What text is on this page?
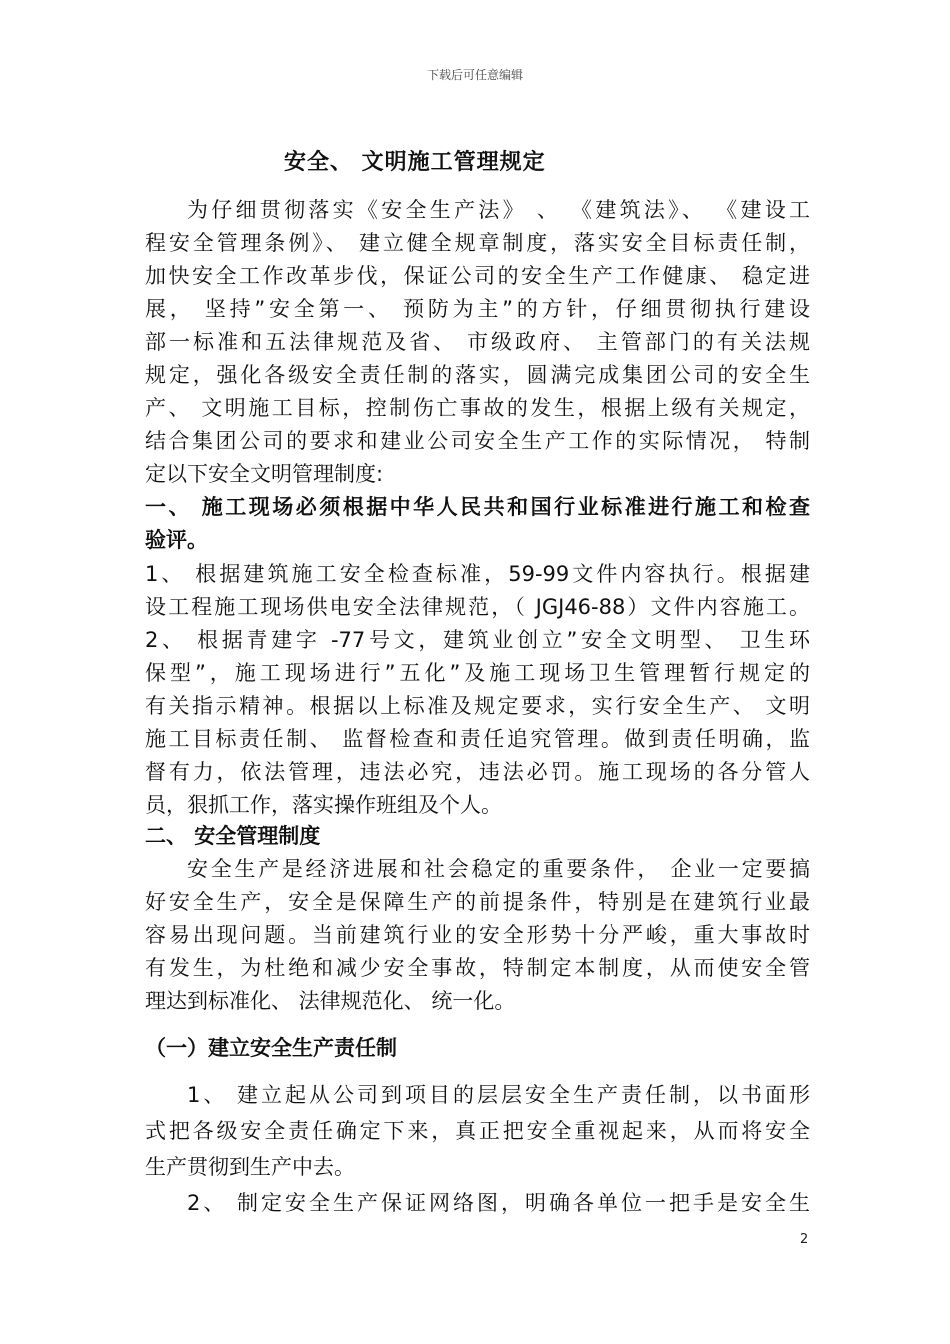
下载后可任意编辑
安全、 文明施工管理规定
为仔细贯彻落实《安全生产法》 、 《建筑法》、 《建设工
程安全管理条例》、 建立健全规章制度，落实安全目标责任制，
加快安全工作改革步伐，保证公司的安全生产工作健康、 稳定进
展， 坚持”安全第一、 预防为主”的方针，仔细贯彻执行建设
部一标准和五法律规范及省、 市级政府、 主管部门的有关法规
规定，强化各级安全责任制的落实，圆满完成集团公司的安全生
产、 文明施工目标，控制伤亡事故的发生，根据上级有关规定，
结合集团公司的要求和建业公司安全生产工作的实际情况， 特制
定以下安全文明管理制度:
一、 施工现场必须根据中华人民共和国行业标准进行施工和检查
验评。
1、 根据建筑施工安全检查标准，59-99文件内容执行。根据建
设工程施工现场供电安全法律规范，（ JGJ46-88）文件内容施工。
2、 根据青建字 -77号文，建筑业创立”安全文明型、 卫生环
保型”，施工现场进行”五化”及施工现场卫生管理暂行规定的
有关指示精神。根据以上标准及规定要求，实行安全生产、 文明
施工目标责任制、 监督检查和责任追究管理。做到责任明确，监
督有力，依法管理，违法必究，违法必罚。施工现场的各分管人
员，狠抓工作，落实操作班组及个人。
二、 安全管理制度
安全生产是经济进展和社会稳定的重要条件， 企业一定要搞
好安全生产，安全是保障生产的前提条件，特别是在建筑行业最
容易出现问题。当前建筑行业的安全形势十分严峻，重大事故时
有发生，为杜绝和减少安全事故，特制定本制度，从而使安全管
理达到标准化、 法律规范化、 统一化。
（一）建立安全生产责任制
1、 建立起从公司到项目的层层安全生产责任制，以书面形
式把各级安全责任确定下来，真正把安全重视起来，从而将安全
生产贯彻到生产中去。
2、 制定安全生产保证网络图，明确各单位一把手是安全生
2
